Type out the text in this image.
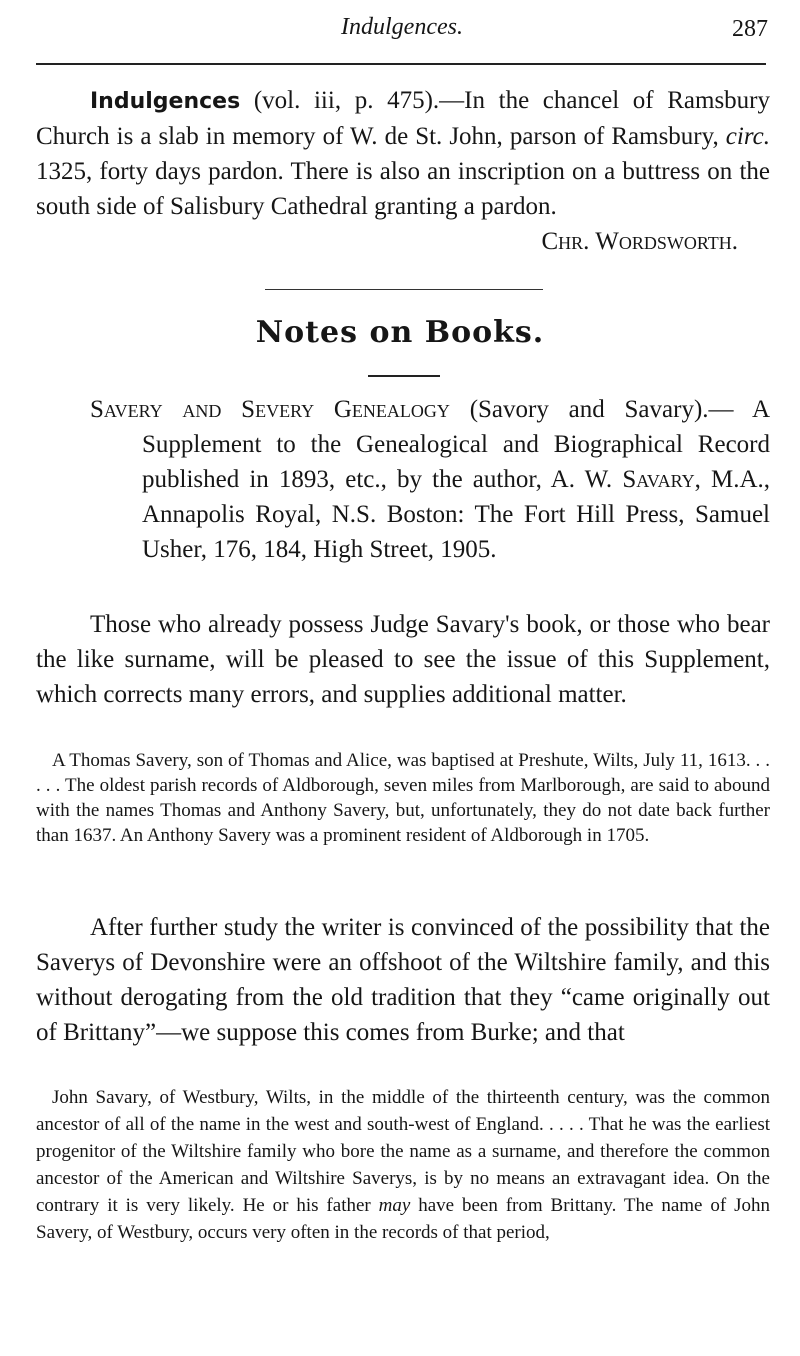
Indulgences.	287

Indulgences (vol. iii, p. 475).—In the chancel of Ramsbury Church is a slab in memory of W. de St. John, parson of Ramsbury, circ. 1325, forty days pardon. There is also an inscription on a buttress on the south side of Salisbury Cathedral granting a pardon.
Chr. Wordsworth.

Notes on Books.
Savery and Severy Genealogy (Savory and Savary).— A Supplement to the Genealogical and Biographical Record published in 1893, etc., by the author, A. W. Savary, M.A., Annapolis Royal, N.S. Boston: The Fort Hill Press, Samuel Usher, 176, 184, High Street, 1905.

Those who already possess Judge Savary's book, or those who bear the like surname, will be pleased to see the issue of this Supplement, which corrects many errors, and supplies additional matter.

A Thomas Savery, son of Thomas and Alice, was baptised at Preshute, Wilts, July 11, 1613. . . . . . The oldest parish records of Aldborough, seven miles from Marlborough, are said to abound with the names Thomas and Anthony Savery, but, unfortunately, they do not date back further than 1637. An Anthony Savery was a prominent resident of Aldborough in 1705.

After further study the writer is convinced of the possibility that the Saverys of Devonshire were an offshoot of the Wiltshire family, and this without derogating from the old tradition that they “came originally out of Brittany”—we suppose this comes from Burke; and that

John Savary, of Westbury, Wilts, in the middle of the thirteenth century, was the common ancestor of all of the name in the west and south-west of England. . . . . That he was the earliest progenitor of the Wiltshire family who bore the name as a surname, and therefore the common ancestor of the American and Wiltshire Saverys, is by no means an extravagant idea. On the contrary it is very likely. He or his father may have been from Brittany. The name of John Savery, of Westbury, occurs very often in the records of that period,
